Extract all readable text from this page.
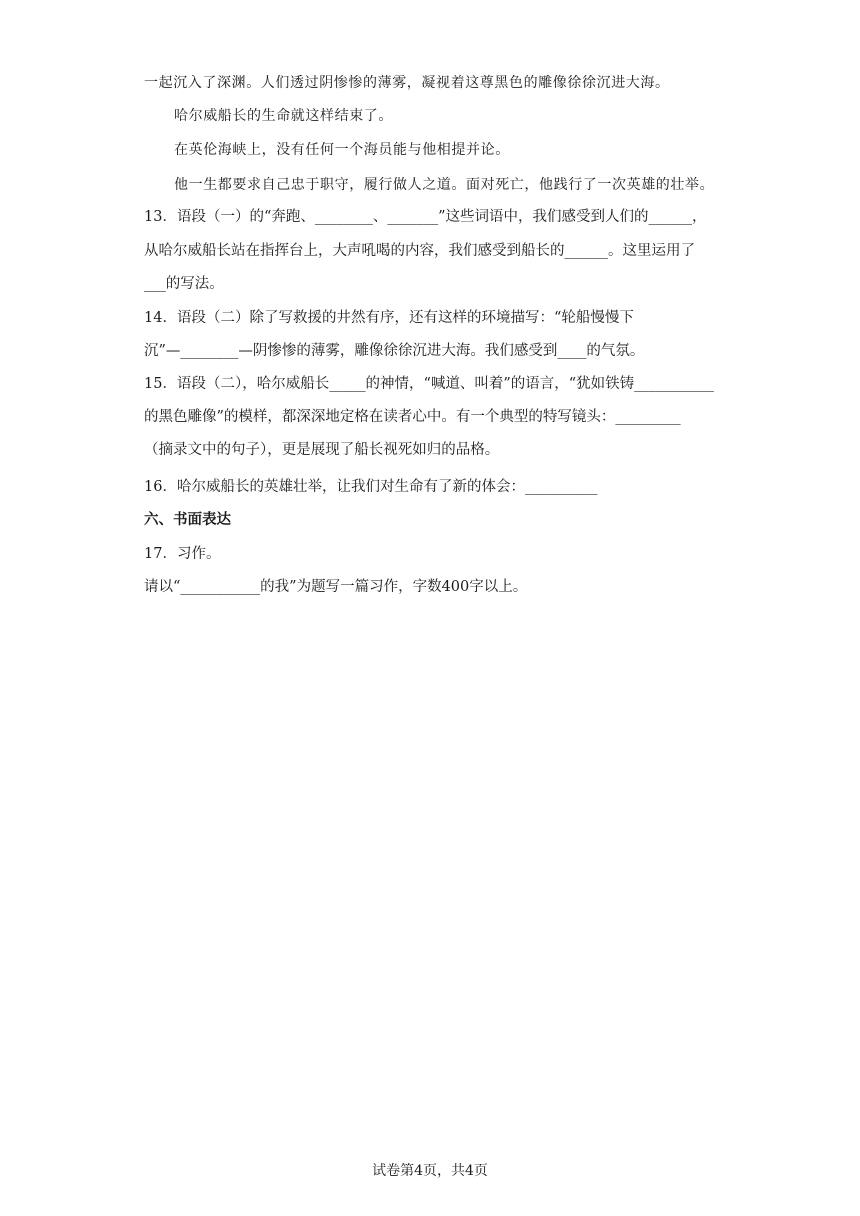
一起沉入了深渊。人们透过阴惨惨的薄雾，凝视着这尊黑色的雕像徐徐沉进大海。
哈尔威船长的生命就这样结束了。
在英伦海峡上，没有任何一个海员能与他相提并论。
他一生都要求自己忠于职守，履行做人之道。面对死亡，他践行了一次英雄的壮举。
13．语段（一）的“奔跑、________、_______”这些词语中，我们感受到人们的______，
从哈尔威船长站在指挥台上，大声吼喝的内容，我们感受到船长的______。这里运用了
___的写法。
14．语段（二）除了写救援的井然有序，还有这样的环境描写：“轮船慢慢下
沉”—________—阴惨惨的薄雾，雕像徐徐沉进大海。我们感受到____的气氛。
15．语段（二），哈尔威船长_____的神情，“喊道、叫着”的语言，“犹如铁铸___________
的黑色雕像”的模样，都深深地定格在读者心中。有一个典型的特写镜头：_________
（摘录文中的句子），更是展现了船长视死如归的品格。
16．哈尔威船长的英雄壮举，让我们对生命有了新的体会：__________
六、书面表达
17．习作。
请以“___________的我”为题写一篇习作，字数400字以上。
试卷第4页，共4页
